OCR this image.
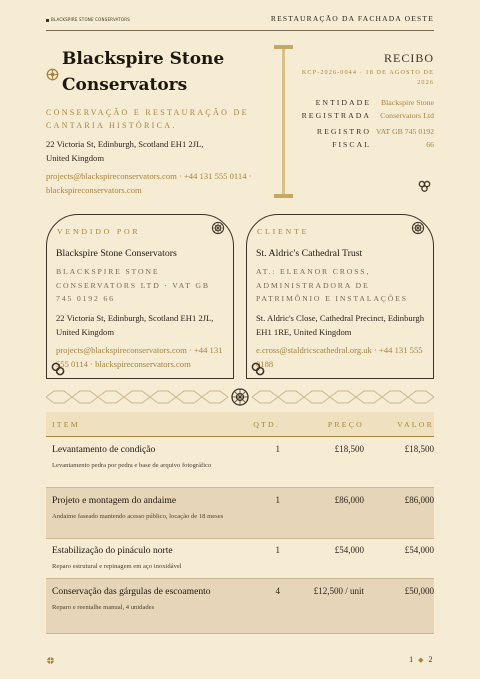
BLACKSPIRE STONE CONSERVATORS	RESTAURAÇÃO DA FACHADA OESTE
Blackspire Stone Conservators
CONSERVAÇÃO E RESTAURAÇÃO DE CANTARIA HISTÓRICA.
22 Victoria St, Edinburgh, Scotland EH1 2JL,
United Kingdom
projects@blackspireconservators.com · +44 131 555 0114 ·
blackspireconservators.com
RECIBO
KCP-2026-0044 · 18 DE AGOSTO DE 2026
ENTIDADE REGISTRADA
Blackspire Stone Conservators Ltd
REGISTRO FISCAL
VAT GB 745 0192 66
VENDIDO POR
Blackspire Stone Conservators
BLACKSPIRE STONE CONSERVATORS LTD · VAT GB 745 0192 66
22 Victoria St, Edinburgh, Scotland EH1 2JL, United Kingdom
projects@blackspireconservators.com · +44 131 555 0114 · blackspireconservators.com
CLIENTE
St. Aldric's Cathedral Trust
AT.: ELEANOR CROSS, ADMINISTRADORA DE PATRIMÔNIO E INSTALAÇÕES
St. Aldric's Close, Cathedral Precinct, Edinburgh EH1 1RE, United Kingdom
e.cross@staldricscathedral.org.uk · +44 131 555 0188
ITEM	QTD.	PREÇO	VALOR
Levantamento de condição
Levantamento pedra por pedra e base de arquivo fotográfico
1	£18,500	£18,500
Projeto e montagem do andaime
Andaime faseado mantendo acesso público, locação de 18 meses
1	£86,000	£86,000
Estabilização do pináculo norte
Reparo estrutural e repinagem em aço inoxidável
1	£54,000	£54,000
Conservação das gárgulas de escoamento
Reparo e reentalhe manual, 4 unidades
4	£12,500 / unit	£50,000
1 ◆ 2
